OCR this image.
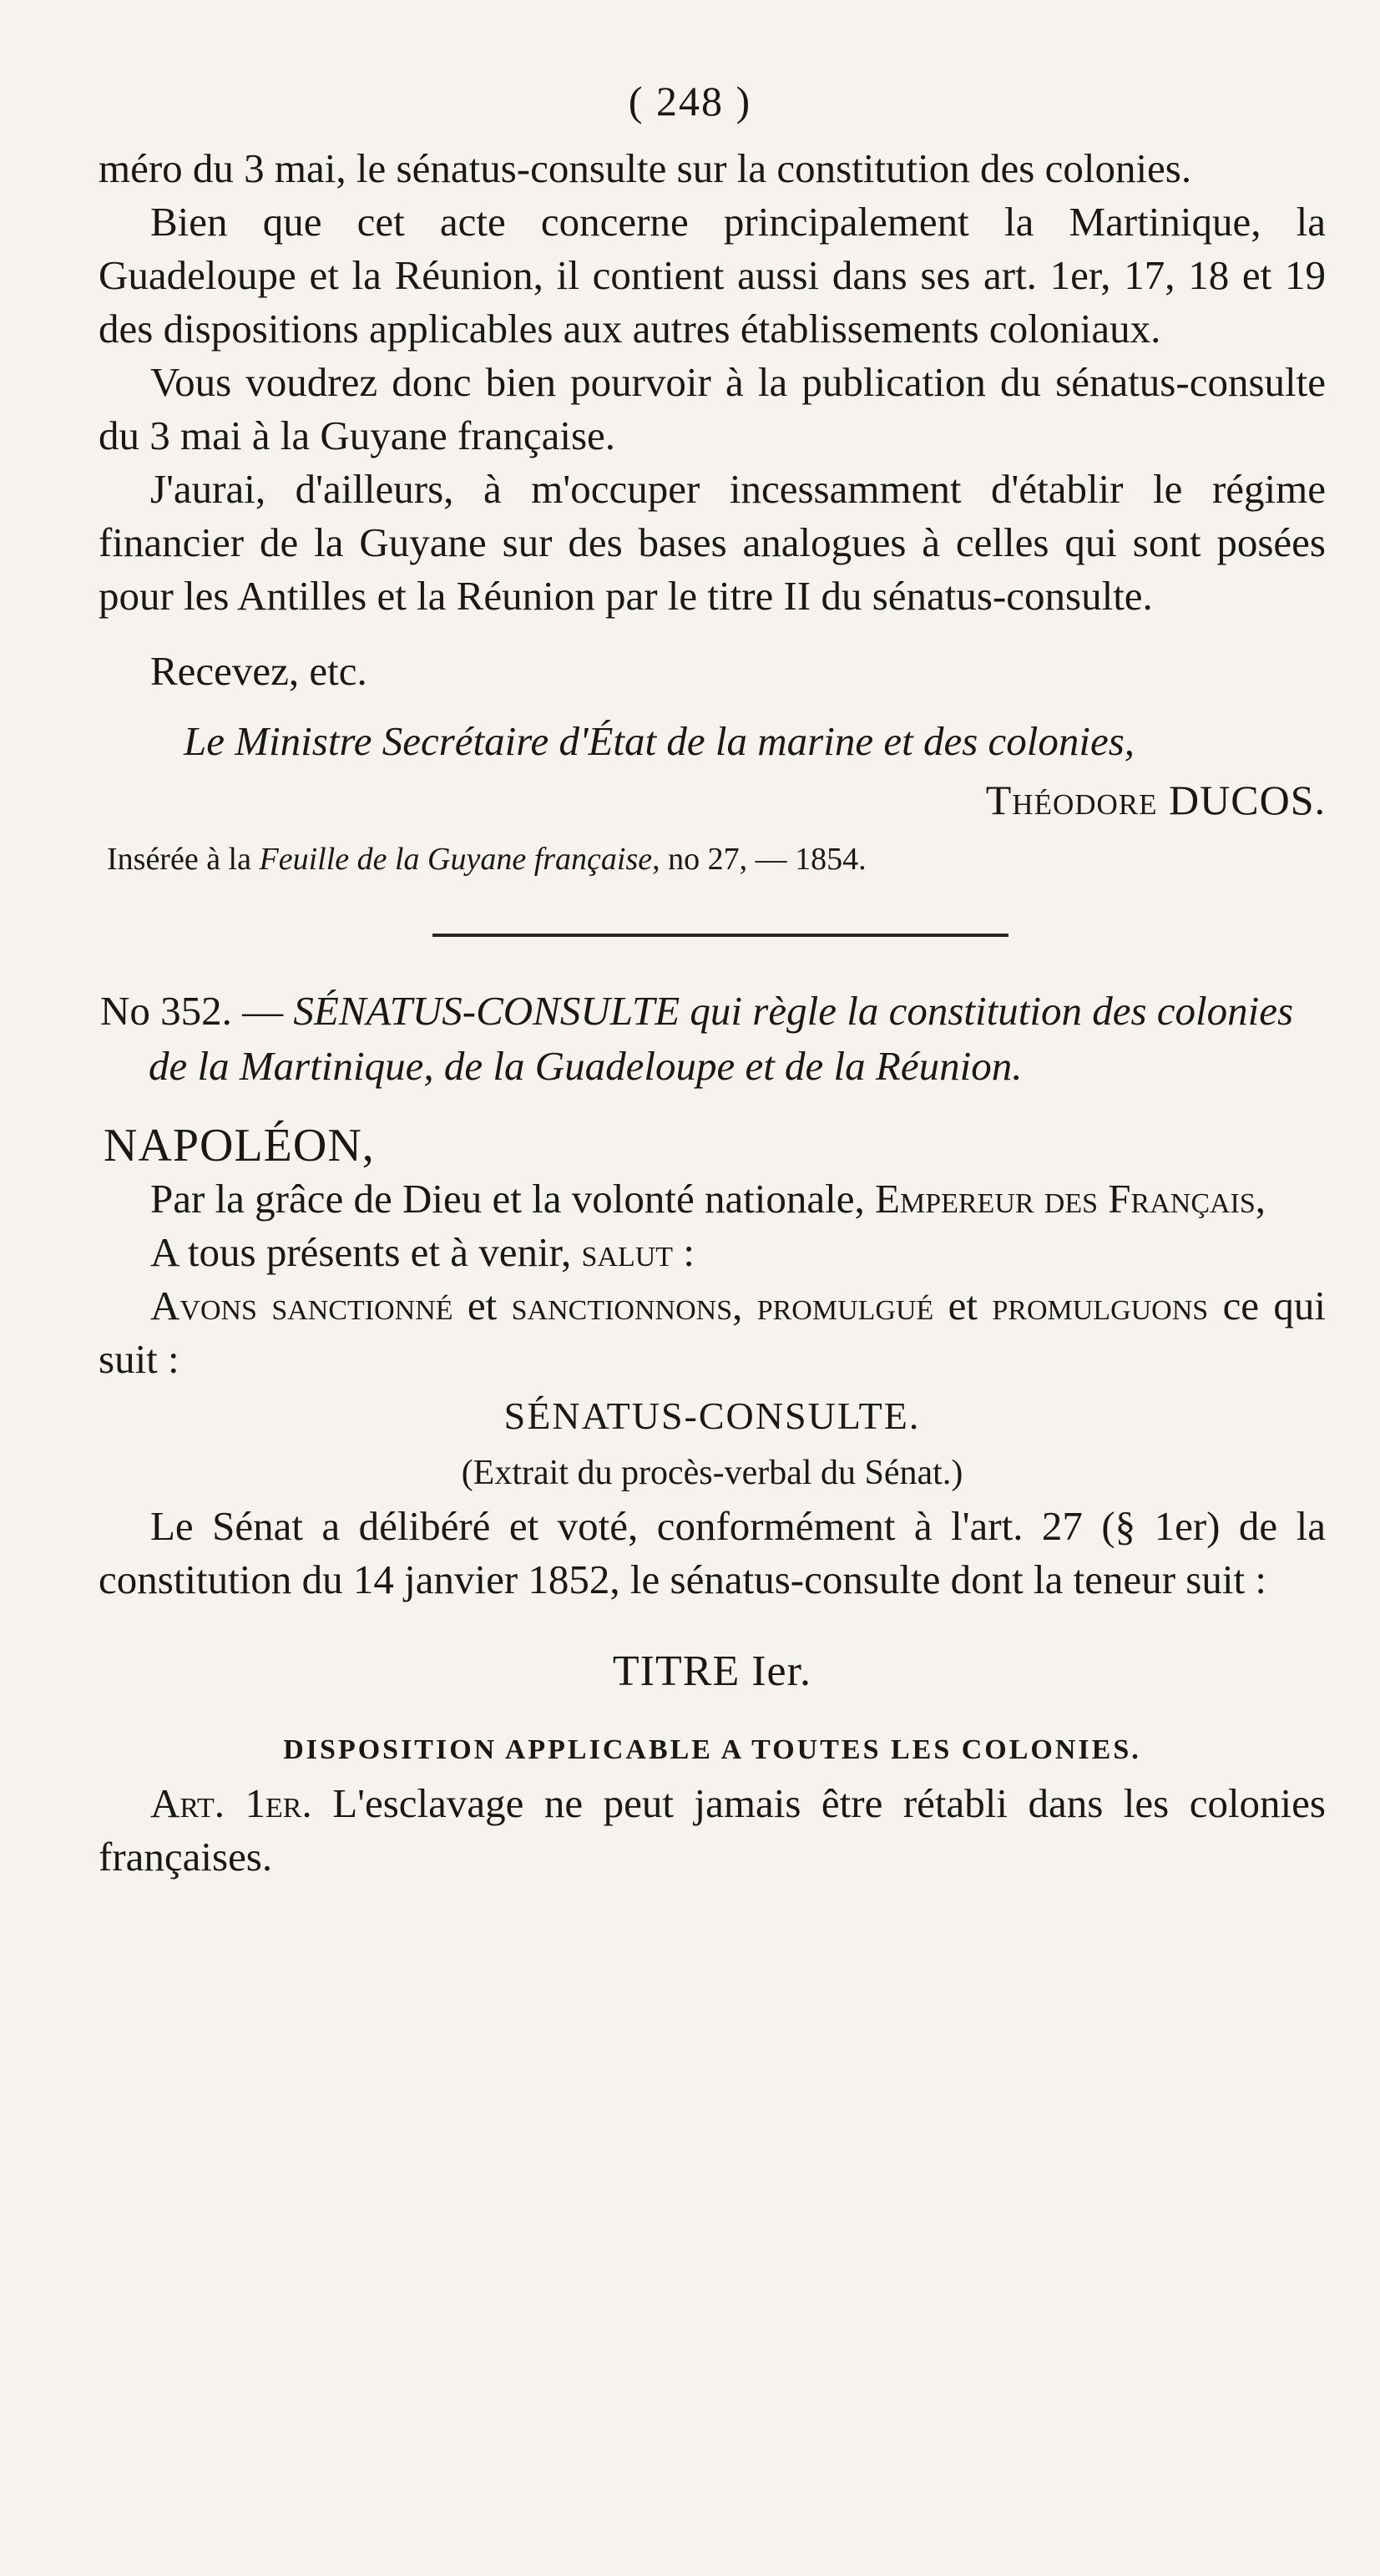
( 248 )

méro du 3 mai, le sénatus-consulte sur la constitution des colonies.

Bien que cet acte concerne principalement la Martinique, la Guadeloupe et la Réunion, il contient aussi dans ses art. 1er, 17, 18 et 19 des dispositions applicables aux autres établissements coloniaux.

Vous voudrez donc bien pourvoir à la publication du sénatus-consulte du 3 mai à la Guyane française.

J'aurai, d'ailleurs, à m'occuper incessamment d'établir le régime financier de la Guyane sur des bases analogues à celles qui sont posées pour les Antilles et la Réunion par le titre II du sénatus-consulte.

Recevez, etc.

Le Ministre Secrétaire d'État de la marine et des colonies,

Théodore DUCOS.

Insérée à la Feuille de la Guyane française, no 27, — 1854.

No 352. — SÉNATUS-CONSULTE qui règle la constitution des colonies de la Martinique, de la Guadeloupe et de la Réunion.

NAPOLÉON,

Par la grâce de Dieu et la volonté nationale, Empereur des Français,

A tous présents et à venir, salut :

Avons sanctionné et sanctionnons, promulgué et promulguons ce qui suit :

SÉNATUS-CONSULTE.

(Extrait du procès-verbal du Sénat.)

Le Sénat a délibéré et voté, conformément à l'art. 27 (§ 1er) de la constitution du 14 janvier 1852, le sénatus-consulte dont la teneur suit :

TITRE Ier.

DISPOSITION APPLICABLE A TOUTES LES COLONIES.

Art. 1er. L'esclavage ne peut jamais être rétabli dans les colonies françaises.
